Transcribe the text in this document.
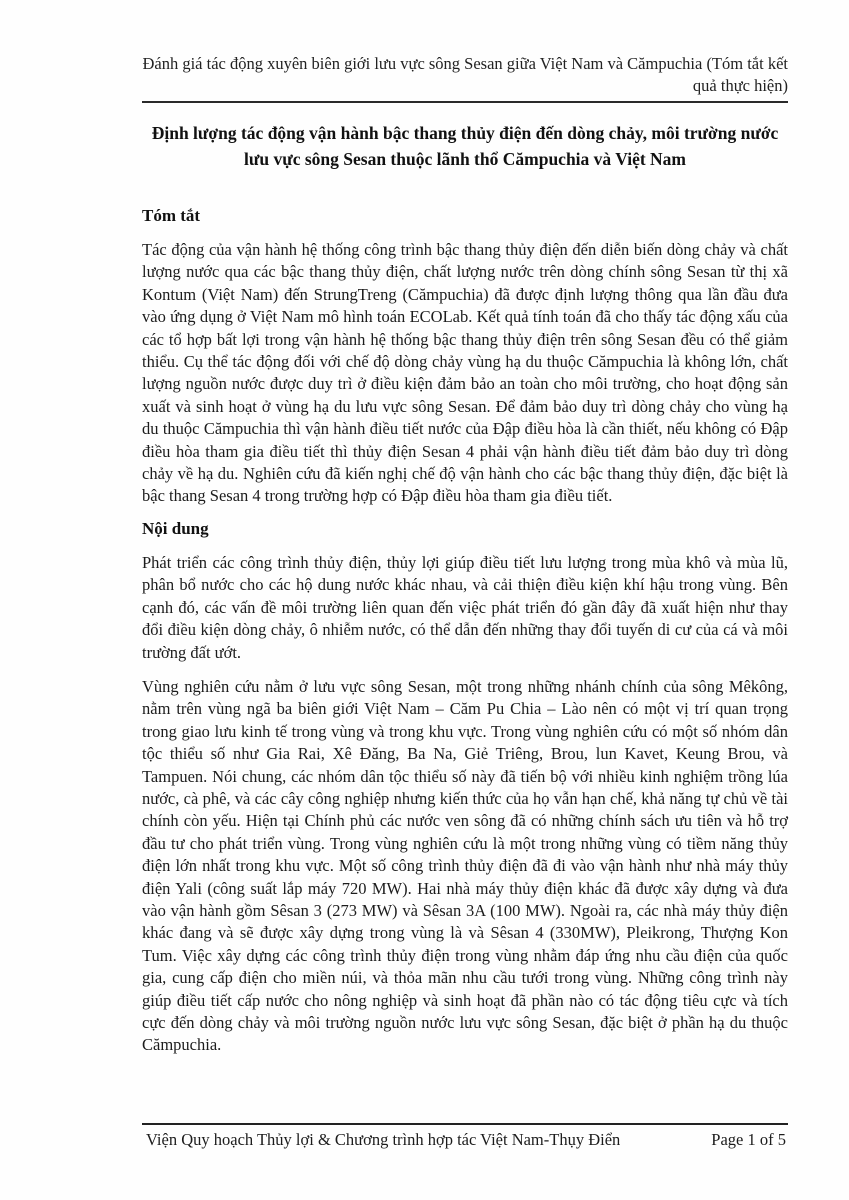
Đánh giá tác động xuyên biên giới lưu vực sông Sesan giữa Việt Nam và Cămpuchia (Tóm tắt kết quả thực hiện)
Định lượng tác động vận hành bậc thang thủy điện đến dòng chảy, môi trường nước lưu vực sông Sesan thuộc lãnh thổ Cămpuchia và Việt Nam
Tóm tắt

Tác động của vận hành hệ thống công trình bậc thang thủy điện đến diễn biến dòng chảy và chất lượng nước qua các bậc thang thủy điện, chất lượng nước trên dòng chính sông Sesan từ thị xã Kontum (Việt Nam) đến StrungTreng (Cămpuchia) đã được định lượng thông qua lần đầu đưa vào ứng dụng ở Việt Nam mô hình toán ECOLab. Kết quả tính toán đã cho thấy tác động xấu của các tổ hợp bất lợi trong vận hành hệ thống bậc thang thủy điện trên sông Sesan đều có thể giảm thiểu. Cụ thể tác động đối với chế độ dòng chảy vùng hạ du thuộc Cămpuchia là không lớn, chất lượng nguồn nước được duy trì ở điều kiện đảm bảo an toàn cho môi trường, cho hoạt động sản xuất và sinh hoạt ở vùng hạ du lưu vực sông Sesan. Để đảm bảo duy trì dòng chảy cho vùng hạ du thuộc Cămpuchia thì vận hành điều tiết nước của Đập điều hòa là cần thiết, nếu không có Đập điều hòa tham gia điều tiết thì thủy điện Sesan 4 phải vận hành điều tiết đảm bảo duy trì dòng chảy về hạ du. Nghiên cứu đã kiến nghị chế độ vận hành cho các bậc thang thủy điện, đặc biệt là bậc thang Sesan 4 trong trường hợp có Đập điều hòa tham gia điều tiết.

Nội dung

Phát triển các công trình thủy điện, thủy lợi giúp điều tiết lưu lượng trong mùa khô và mùa lũ, phân bổ nước cho các hộ dung nước khác nhau, và cải thiện điều kiện khí hậu trong vùng. Bên cạnh đó, các vấn đề môi trường liên quan đến việc phát triển đó gần đây đã xuất hiện như thay đổi điều kiện dòng chảy, ô nhiễm nước, có thể dẫn đến những thay đổi tuyến di cư của cá và môi trường đất ướt.

Vùng nghiên cứu nằm ở lưu vực sông Sesan, một trong những nhánh chính của sông Mêkông, nằm trên vùng ngã ba biên giới Việt Nam – Căm Pu Chia – Lào nên có một vị trí quan trọng trong giao lưu kinh tế trong vùng và trong khu vực. Trong vùng nghiên cứu có một số nhóm dân tộc thiểu số như Gia Rai, Xê Đăng, Ba Na, Giẻ Triêng, Brou, lun Kavet, Keung Brou, và Tampuen. Nói chung, các nhóm dân tộc thiểu số này đã tiến bộ với nhiều kinh nghiệm trồng lúa nước, cà phê, và các cây công nghiệp nhưng kiến thức của họ vẫn hạn chế, khả năng tự chủ về tài chính còn yếu. Hiện tại Chính phủ các nước ven sông đã có những chính sách ưu tiên và hỗ trợ đầu tư cho phát triển vùng. Trong vùng nghiên cứu là một trong những vùng có tiềm năng thủy điện lớn nhất trong khu vực. Một số công trình thủy điện đã đi vào vận hành như nhà máy thủy điện Yali (công suất lắp máy 720 MW). Hai nhà máy thủy điện khác đã được xây dựng và đưa vào vận hành gồm Sêsan 3 (273 MW) và Sêsan 3A (100 MW). Ngoài ra, các nhà máy thủy điện khác đang và sẽ được xây dựng trong vùng là và Sêsan 4 (330MW), Pleikrong, Thượng Kon Tum. Việc xây dựng các công trình thủy điện trong vùng nhằm đáp ứng nhu cầu điện của quốc gia, cung cấp điện cho miền núi, và thỏa mãn nhu cầu tưới trong vùng. Những công trình này giúp điều tiết cấp nước cho nông nghiệp và sinh hoạt đã phần nào có tác động tiêu cực và tích cực đến dòng chảy và môi trường nguồn nước lưu vực sông Sesan, đặc biệt ở phần hạ du thuộc Cămpuchia.

Viện Quy hoạch Thủy lợi & Chương trình hợp tác Việt Nam-Thụy Điển	Page 1 of 5
